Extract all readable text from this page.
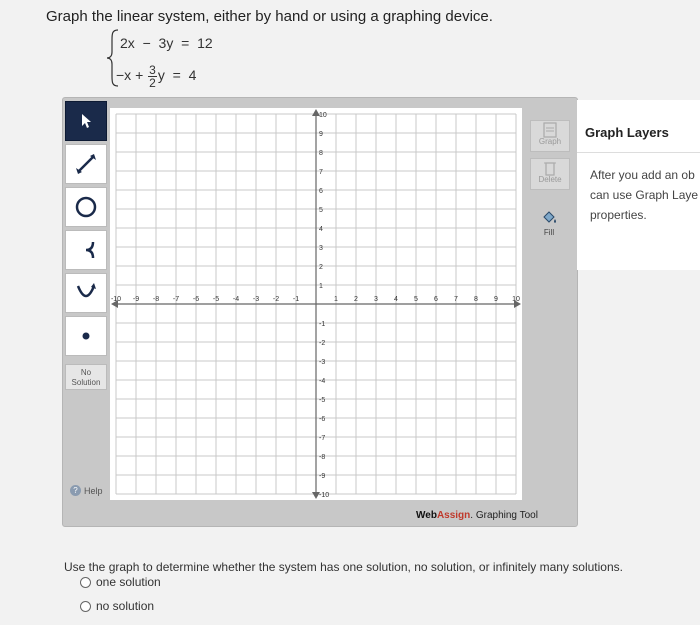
Graph the linear system, either by hand or using a graphing device.
2x − 3y = 12
$-x + \frac{3}{2}$ y = 4
No
Solution
? Help
-10 -9 -8 -7 -6 -5 -4 -3 -2 -1	1 2 3 4 5 6 7 8 9 10
10
9
8
7
6
5
4
3
2
1
-1
-2
-3
-4
-5
-6
-7
-8
-9
-10
Graph
Delete
Fill
WebAssign. Graphing Tool
Graph Layers
After you add an ob
can use Graph Laye
properties.
Use the graph to determine whether the system has one solution, no solution, or infinitely many solutions.
one solution
no solution
